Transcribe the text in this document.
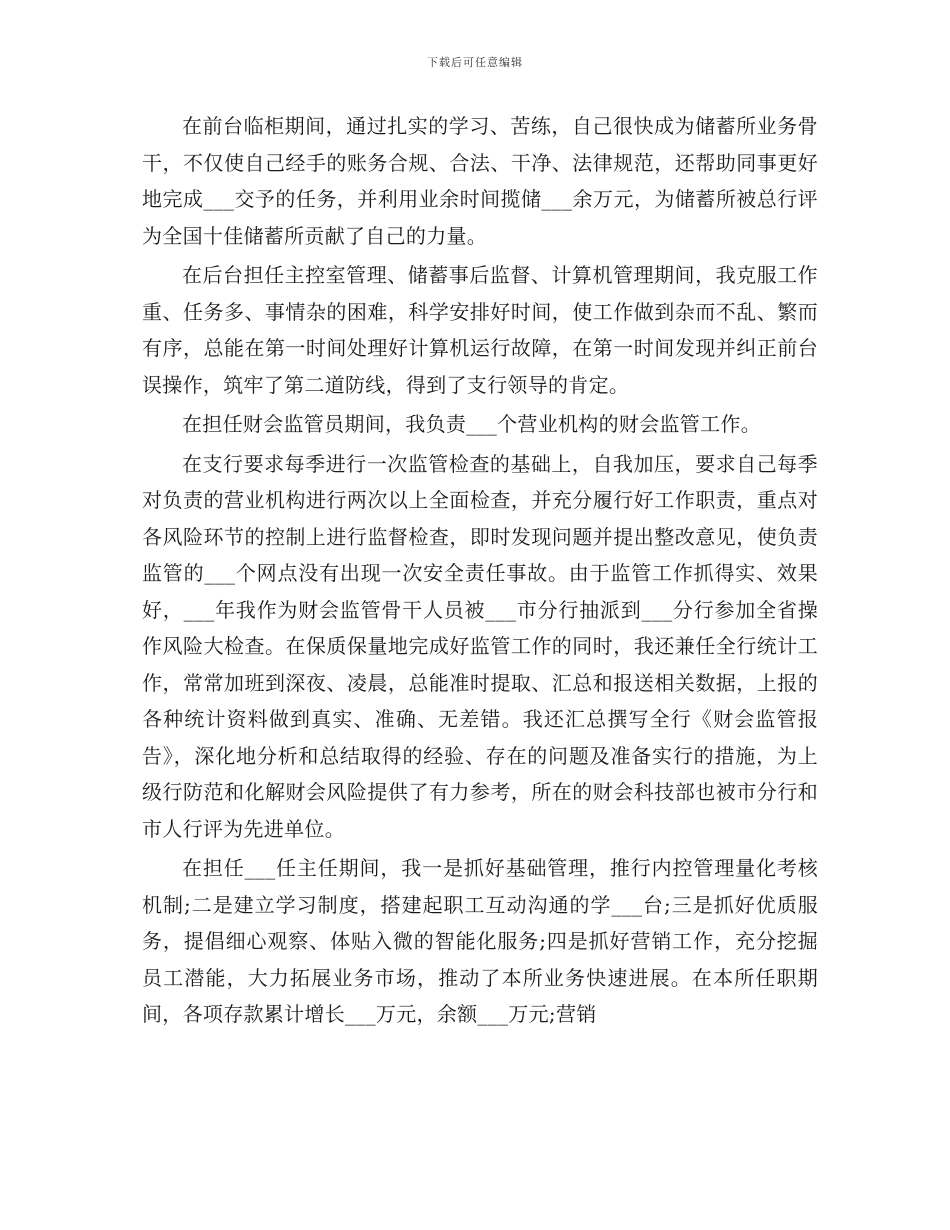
下载后可任意编辑

在前台临柜期间，通过扎实的学习、苦练，自己很快成为储蓄所业务骨干，不仅使自己经手的账务合规、合法、干净、法律规范，还帮助同事更好地完成___交予的任务，并利用业余时间揽储___余万元，为储蓄所被总行评为全国十佳储蓄所贡献了自己的力量。

在后台担任主控室管理、储蓄事后监督、计算机管理期间，我克服工作重、任务多、事情杂的困难，科学安排好时间，使工作做到杂而不乱、繁而有序，总能在第一时间处理好计算机运行故障，在第一时间发现并纠正前台误操作，筑牢了第二道防线，得到了支行领导的肯定。

在担任财会监管员期间，我负责___个营业机构的财会监管工作。

在支行要求每季进行一次监管检查的基础上，自我加压，要求自己每季对负责的营业机构进行两次以上全面检查，并充分履行好工作职责，重点对各风险环节的控制上进行监督检查，即时发现问题并提出整改意见，使负责监管的___个网点没有出现一次安全责任事故。由于监管工作抓得实、效果好，___年我作为财会监管骨干人员被___市分行抽派到___分行参加全省操作风险大检查。在保质保量地完成好监管工作的同时，我还兼任全行统计工作，常常加班到深夜、凌晨，总能准时提取、汇总和报送相关数据，上报的各种统计资料做到真实、准确、无差错。我还汇总撰写全行《财会监管报告》，深化地分析和总结取得的经验、存在的问题及准备实行的措施，为上级行防范和化解财会风险提供了有力参考，所在的财会科技部也被市分行和市人行评为先进单位。

在担任___任主任期间，我一是抓好基础管理，推行内控管理量化考核机制;二是建立学习制度，搭建起职工互动沟通的学___台;三是抓好优质服务，提倡细心观察、体贴入微的智能化服务;四是抓好营销工作，充分挖掘员工潜能，大力拓展业务市场，推动了本所业务快速进展。在本所任职期间，各项存款累计增长___万元，余额___万元;营销
